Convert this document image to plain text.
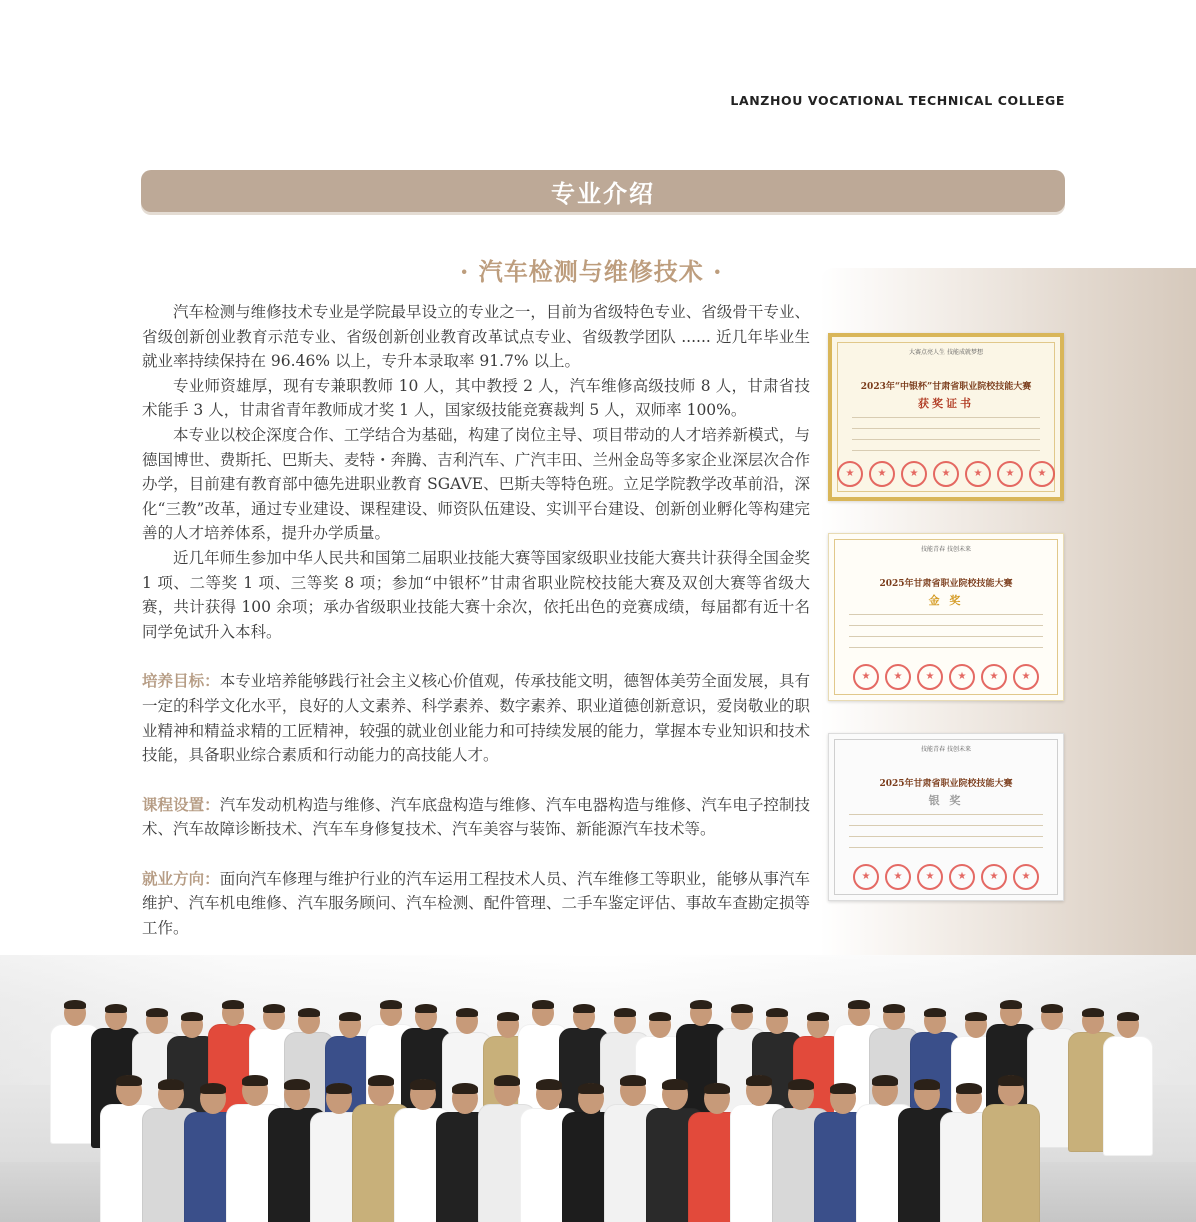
LANZHOU VOCATIONAL TECHNICAL COLLEGE
专业介绍
· 汽车检测与维修技术 ·

汽车检测与维修技术专业是学院最早设立的专业之一，目前为省级特色专业、省级骨干专业、省级创新创业教育示范专业、省级创新创业教育改革试点专业、省级教学团队 ...... 近几年毕业生就业率持续保持在 96.46% 以上，专升本录取率 91.7% 以上。

专业师资雄厚，现有专兼职教师 10 人，其中教授 2 人，汽车维修高级技师 8 人，甘肃省技术能手 3 人，甘肃省青年教师成才奖 1 人，国家级技能竞赛裁判 5 人，双师率 100%。

本专业以校企深度合作、工学结合为基础，构建了岗位主导、项目带动的人才培养新模式，与德国博世、费斯托、巴斯夫、麦特・奔腾、吉利汽车、广汽丰田、兰州金岛等多家企业深层次合作办学，目前建有教育部中德先进职业教育 SGAVE、巴斯夫等特色班。立足学院教学改革前沿，深化“三教”改革，通过专业建设、课程建设、师资队伍建设、实训平台建设、创新创业孵化等构建完善的人才培养体系，提升办学质量。

近几年师生参加中华人民共和国第二届职业技能大赛等国家级职业技能大赛共计获得全国金奖 1 项、二等奖 1 项、三等奖 8 项；参加“中银杯”甘肃省职业院校技能大赛及双创大赛等省级大赛，共计获得 100 余项；承办省级职业技能大赛十余次，依托出色的竞赛成绩，每届都有近十名同学免试升入本科。

培养目标：本专业培养能够践行社会主义核心价值观，传承技能文明，德智体美劳全面发展，具有一定的科学文化水平，良好的人文素养、科学素养、数字素养、职业道德创新意识，爱岗敬业的职业精神和精益求精的工匠精神，较强的就业创业能力和可持续发展的能力，掌握本专业知识和技术技能，具备职业综合素质和行动能力的高技能人才。

课程设置：汽车发动机构造与维修、汽车底盘构造与维修、汽车电器构造与维修、汽车电子控制技术、汽车故障诊断技术、汽车车身修复技术、汽车美容与装饰、新能源汽车技术等。

就业方向：面向汽车修理与维护行业的汽车运用工程技术人员、汽车维修工等职业，能够从事汽车维护、汽车机电维修、汽车服务顾问、汽车检测、配件管理、二手车鉴定评估、事故车查勘定损等工作。

大赛点亮人生 技能成就梦想
2023年“中银杯”甘肃省职业院校技能大赛
获奖证书
★	★	★	★	★	★	★
技能青春 技创未来
2025年甘肃省职业院校技能大赛
金 奖
★	★	★	★	★	★
技能青春 技创未来
2025年甘肃省职业院校技能大赛
银 奖
★	★	★	★	★	★
